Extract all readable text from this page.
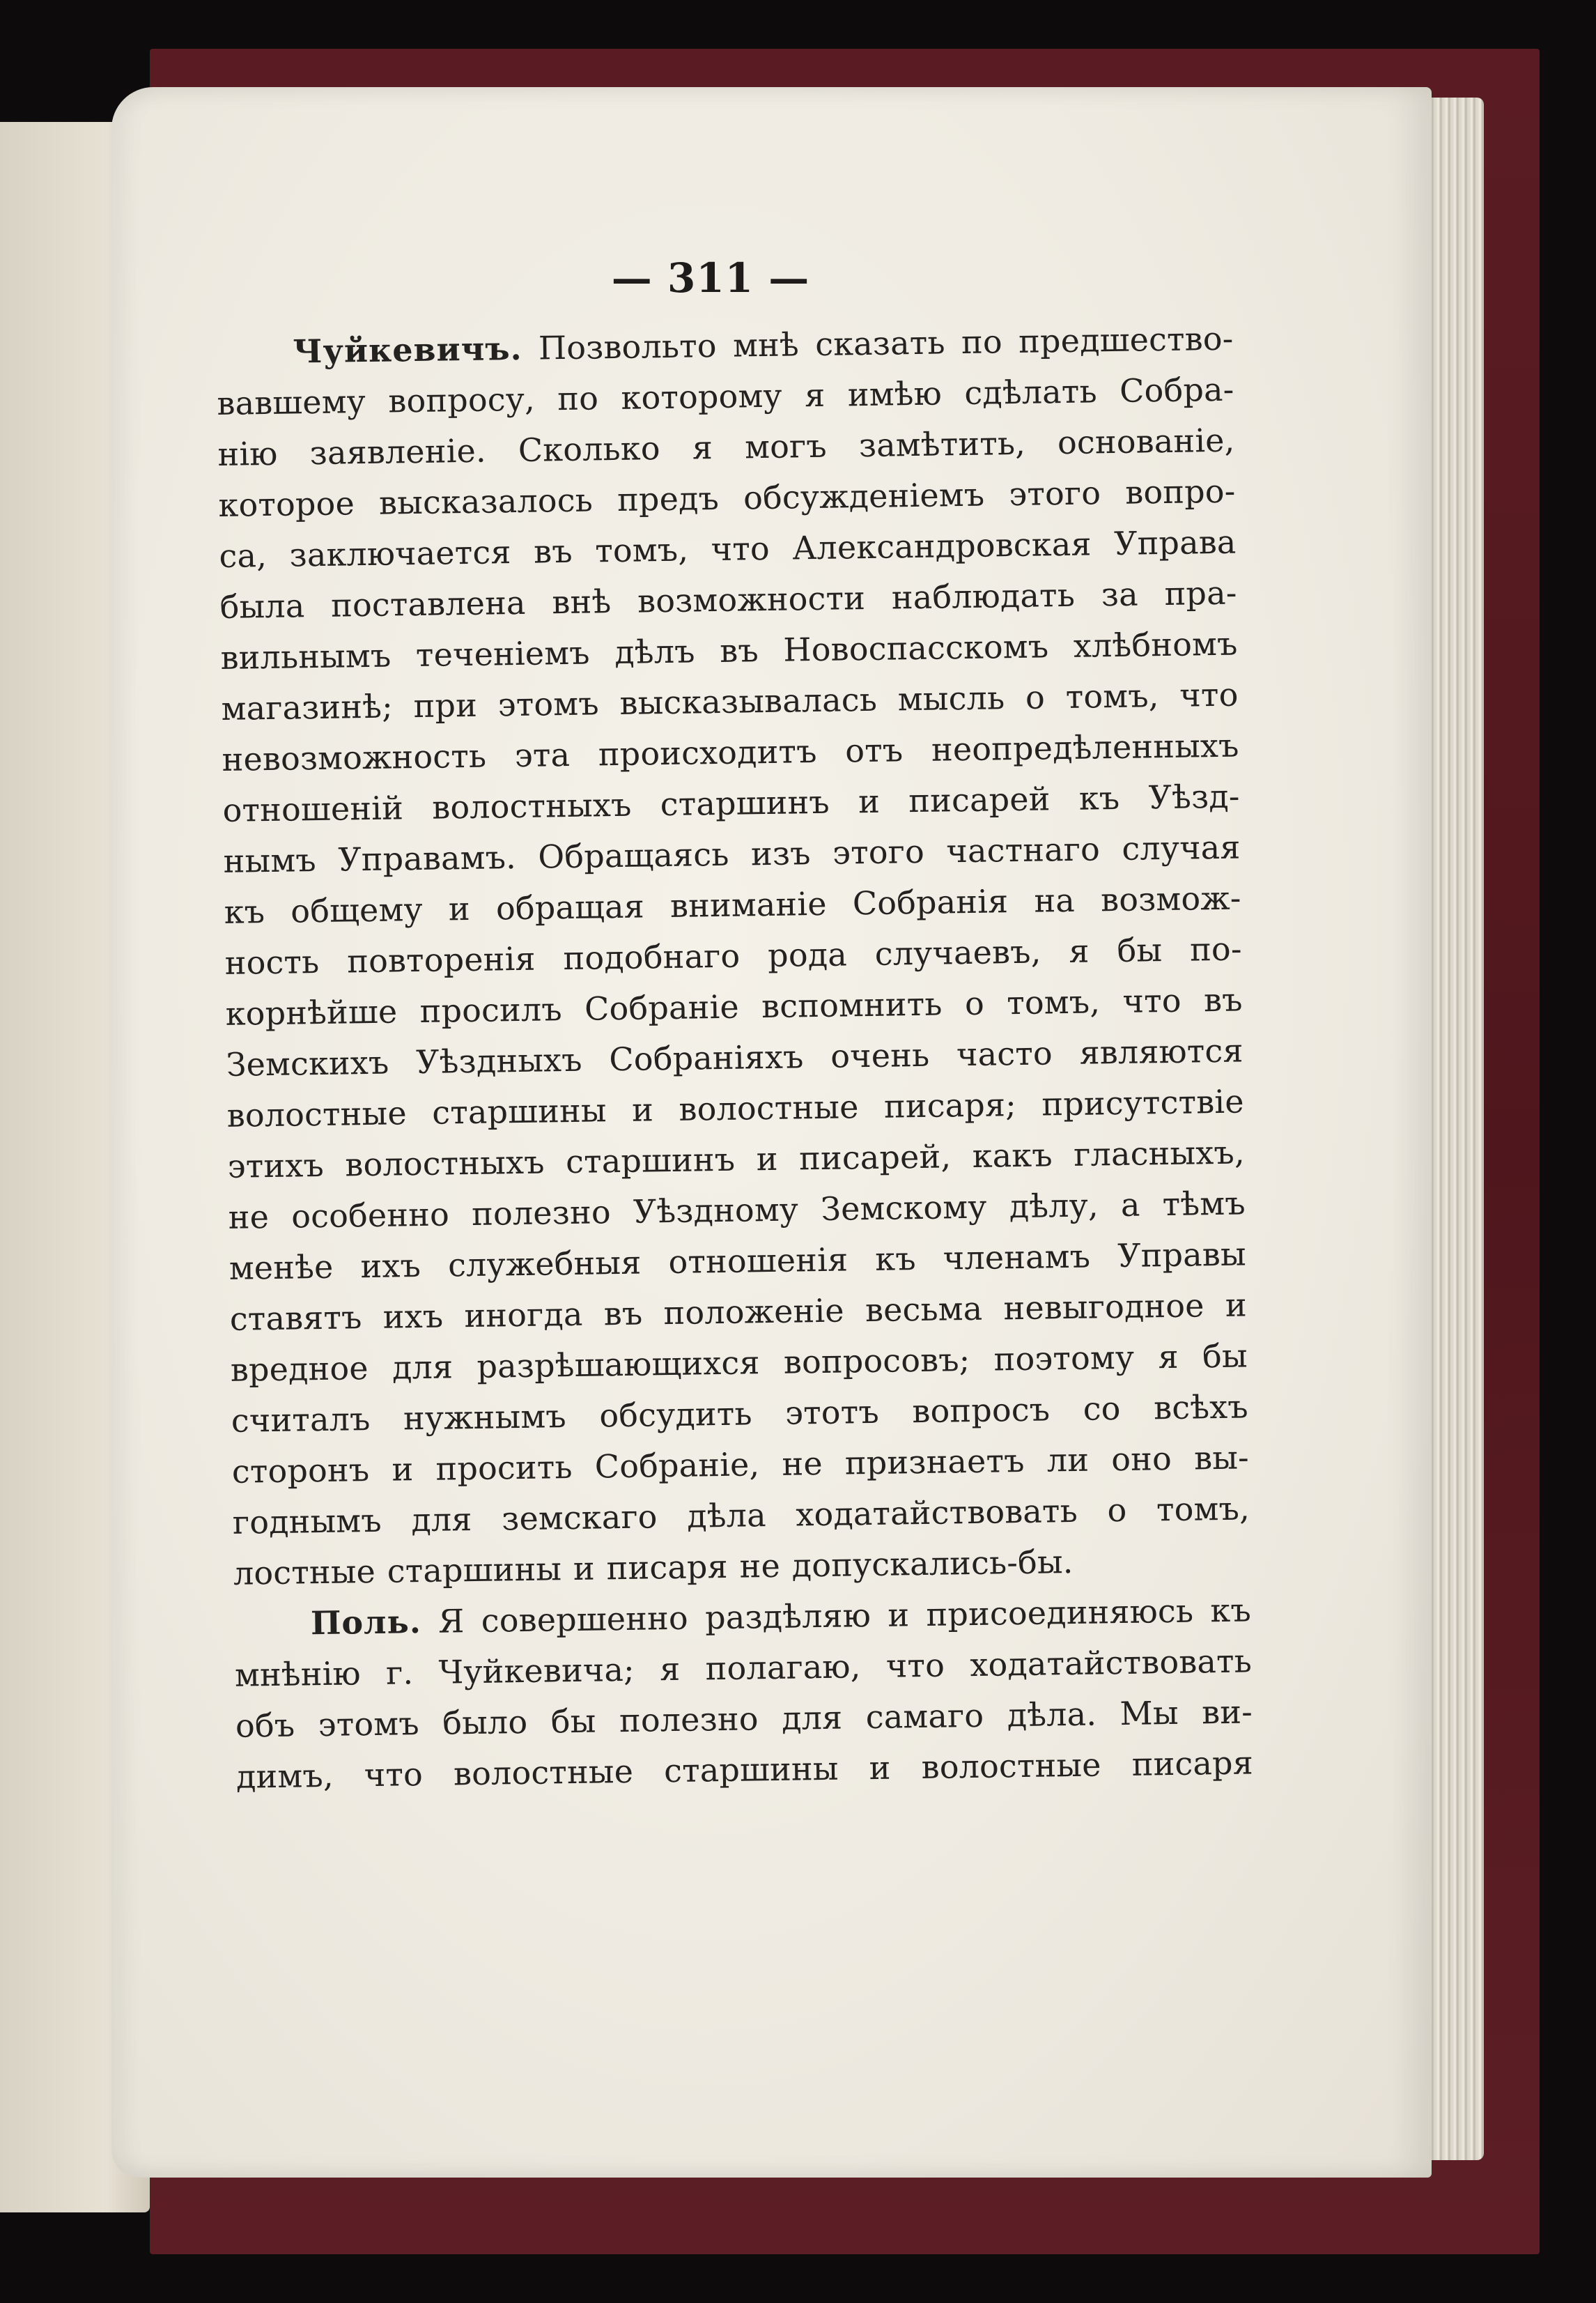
— 311 —
Чуйкевичъ. Позвольто мнѣ сказать по предшество-
вавшему вопросу, по которому я имѣю сдѣлать Собра-
нію заявленіе. Сколько я могъ замѣтить, основаніе,
которое высказалось предъ обсужденіемъ этого вопро-
са, заключается въ томъ, что Александровская Управа
была поставлена внѣ возможности наблюдать за пра-
вильнымъ теченіемъ дѣлъ въ Новоспасскомъ хлѣбномъ
магазинѣ; при этомъ высказывалась мысль о томъ, что
невозможность эта происходитъ отъ неопредѣленныхъ
отношеній волостныхъ старшинъ и писарей къ Уѣзд-
нымъ Управамъ. Обращаясь изъ этого частнаго случая
къ общему и обращая вниманіе Собранія на возмож-
ность повторенія подобнаго рода случаевъ, я бы по-
корнѣйше просилъ Собраніе вспомнить о томъ, что въ
Земскихъ Уѣздныхъ Собраніяхъ очень часто являются
волостные старшины и волостные писаря; присутствіе
этихъ волостныхъ старшинъ и писарей, какъ гласныхъ,
не особенно полезно Уѣздному Земскому дѣлу, а тѣмъ
менѣе ихъ служебныя отношенія къ членамъ Управы
ставятъ ихъ иногда въ положеніе весьма невыгодное и
вредное для разрѣшающихся вопросовъ; поэтому я бы
считалъ нужнымъ обсудить этотъ вопросъ со всѣхъ
сторонъ и просить Собраніе, не признаетъ ли оно вы-
годнымъ для земскаго дѣла ходатайствовать о томъ,
лостные старшины и писаря не допускались-бы.
Поль. Я совершенно раздѣляю и присоединяюсь къ
мнѣнію г. Чуйкевича; я полагаю, что ходатайствовать
объ этомъ было бы полезно для самаго дѣла. Мы ви-
димъ, что волостные старшины и волостные писаря
